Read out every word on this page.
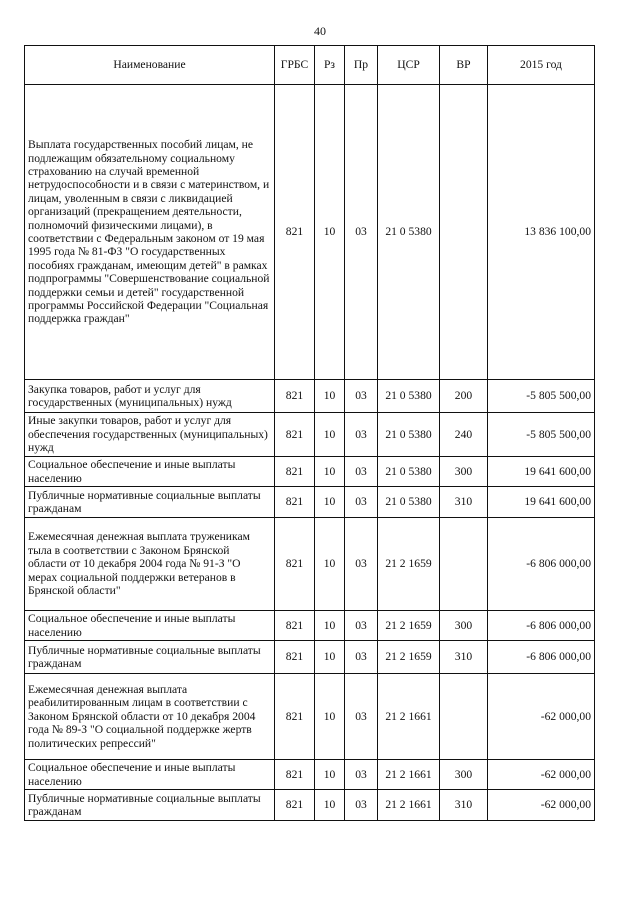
40
Наименование	ГРБС	Рз	Пр	ЦСР	ВР	2015 год
Выплата государственных пособий лицам, не подлежащим обязательному социальному страхованию на случай временной нетрудоспособности и в связи с материнством, и лицам, уволенным в связи с ликвидацией организаций (прекращением деятельности, полномочий физическими лицами), в соответствии с Федеральным законом от 19 мая 1995 года № 81-ФЗ "О государственных пособиях гражданам, имеющим детей" в рамках подпрограммы "Совершенствование социальной поддержки семьи и детей" государственной программы Российской Федерации "Социальная поддержка граждан"	821	10	03	21 0 5380		13 836 100,00
Закупка товаров, работ и услуг для государственных (муниципальных) нужд	821	10	03	21 0 5380	200	-5 805 500,00
Иные закупки товаров, работ и услуг для обеспечения государственных (муниципальных) нужд	821	10	03	21 0 5380	240	-5 805 500,00
Социальное обеспечение и иные выплаты населению	821	10	03	21 0 5380	300	19 641 600,00
Публичные нормативные социальные выплаты гражданам	821	10	03	21 0 5380	310	19 641 600,00
Ежемесячная денежная выплата труженикам тыла в соответствии с Законом Брянской области от 10 декабря 2004 года № 91-З "О мерах социальной поддержки ветеранов в Брянской области"	821	10	03	21 2 1659		-6 806 000,00
Социальное обеспечение и иные выплаты населению	821	10	03	21 2 1659	300	-6 806 000,00
Публичные нормативные социальные выплаты гражданам	821	10	03	21 2 1659	310	-6 806 000,00
Ежемесячная денежная выплата реабилитированным лицам в соответствии с Законом Брянской области от 10 декабря 2004 года № 89-З "О социальной поддержке жертв политических репрессий"	821	10	03	21 2 1661		-62 000,00
Социальное обеспечение и иные выплаты населению	821	10	03	21 2 1661	300	-62 000,00
Публичные нормативные социальные выплаты гражданам	821	10	03	21 2 1661	310	-62 000,00
